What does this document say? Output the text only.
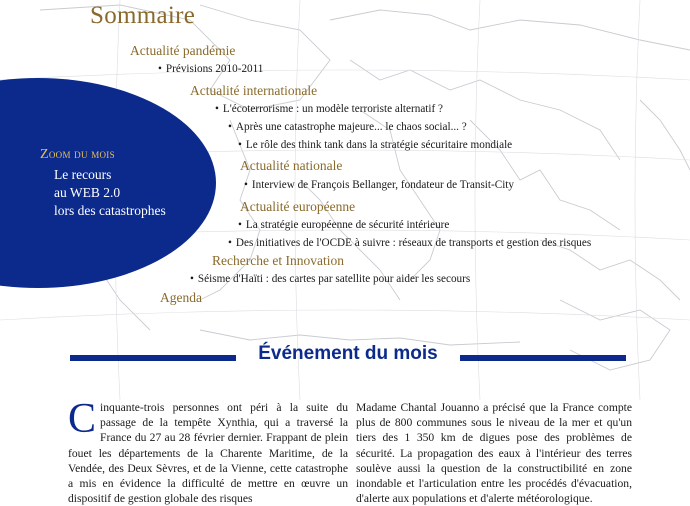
Sommaire
Actualité pandémie

• Prévisions 2010-2011

Actualité internationale

• L'écoterrorisme : un modèle terroriste alternatif ?

• Après une catastrophe majeure... le chaos social... ?

• Le rôle des think tank dans la stratégie sécuritaire mondiale

Actualité nationale

• Interview de François Bellanger, fondateur de Transit-City

Actualité européenne

• La stratégie européenne de sécurité intérieure

• Des initiatives de l'OCDE à suivre : réseaux de transports et gestion des risques

Recherche et Innovation

• Séisme d'Haïti : des cartes par satellite pour aider les secours

Agenda

Zoom du mois

Le recours
au WEB 2.0
lors des catastrophes
Événement du mois
Cinquante-trois personnes ont péri à la suite du passage de la tempête Xynthia, qui a traversé la France du 27 au 28 février dernier. Frappant de plein fouet les départements de la Charente Maritime, de la Vendée, des Deux Sèvres, et de la Vienne, cette catastrophe a mis en évidence la difficulté de mettre en œuvre un dispositif de gestion globale des risques
Madame Chantal Jouanno a précisé que la France compte plus de 800 communes sous le niveau de la mer et qu'un tiers des 1 350 km de digues pose des problèmes de sécurité. La propagation des eaux à l'intérieur des terres soulève aussi la question de la constructibilité en zone inondable et l'articulation entre les procédés d'évacuation, d'alerte aux populations et d'alerte météorologique.
